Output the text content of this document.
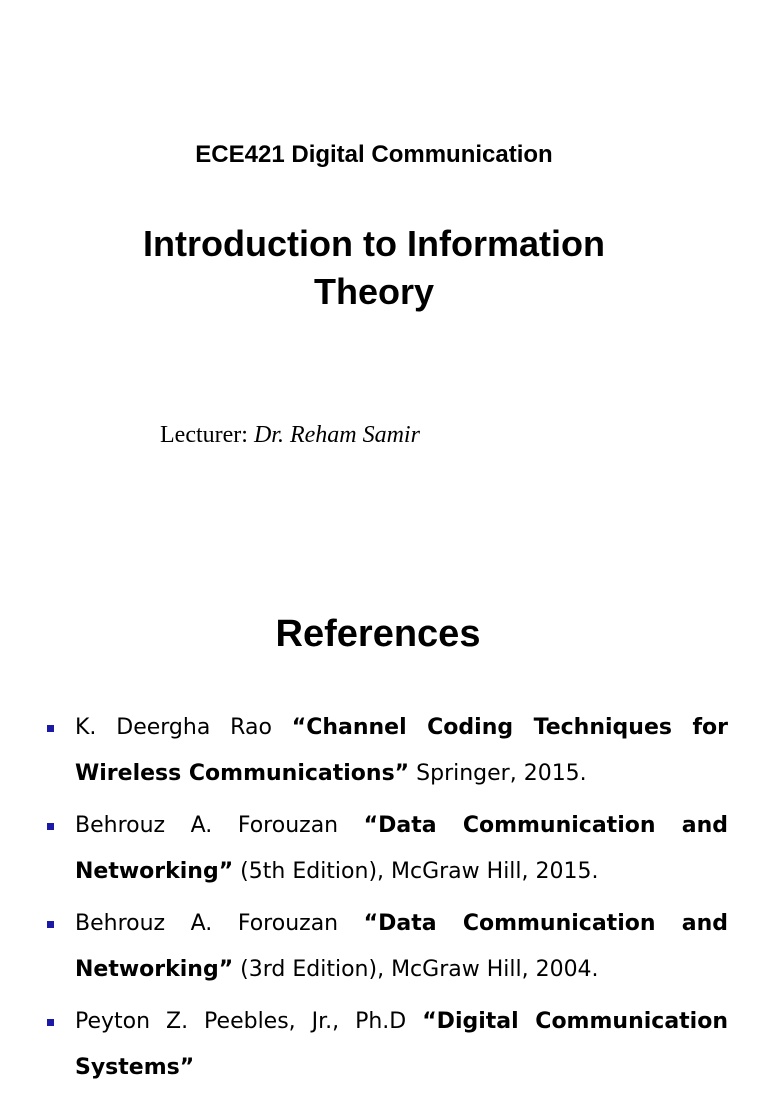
ECE421 Digital Communication
Introduction to Information
Theory
Lecturer: Dr. Reham Samir
References
K. Deergha Rao “Channel Coding Techniques for Wireless Communications” Springer, 2015.
Behrouz A. Forouzan “Data Communication and Networking” (5th Edition), McGraw Hill, 2015.
Behrouz A. Forouzan “Data Communication and Networking” (3rd Edition), McGraw Hill, 2004.
Peyton Z. Peebles, Jr., Ph.D “Digital Communication Systems”
